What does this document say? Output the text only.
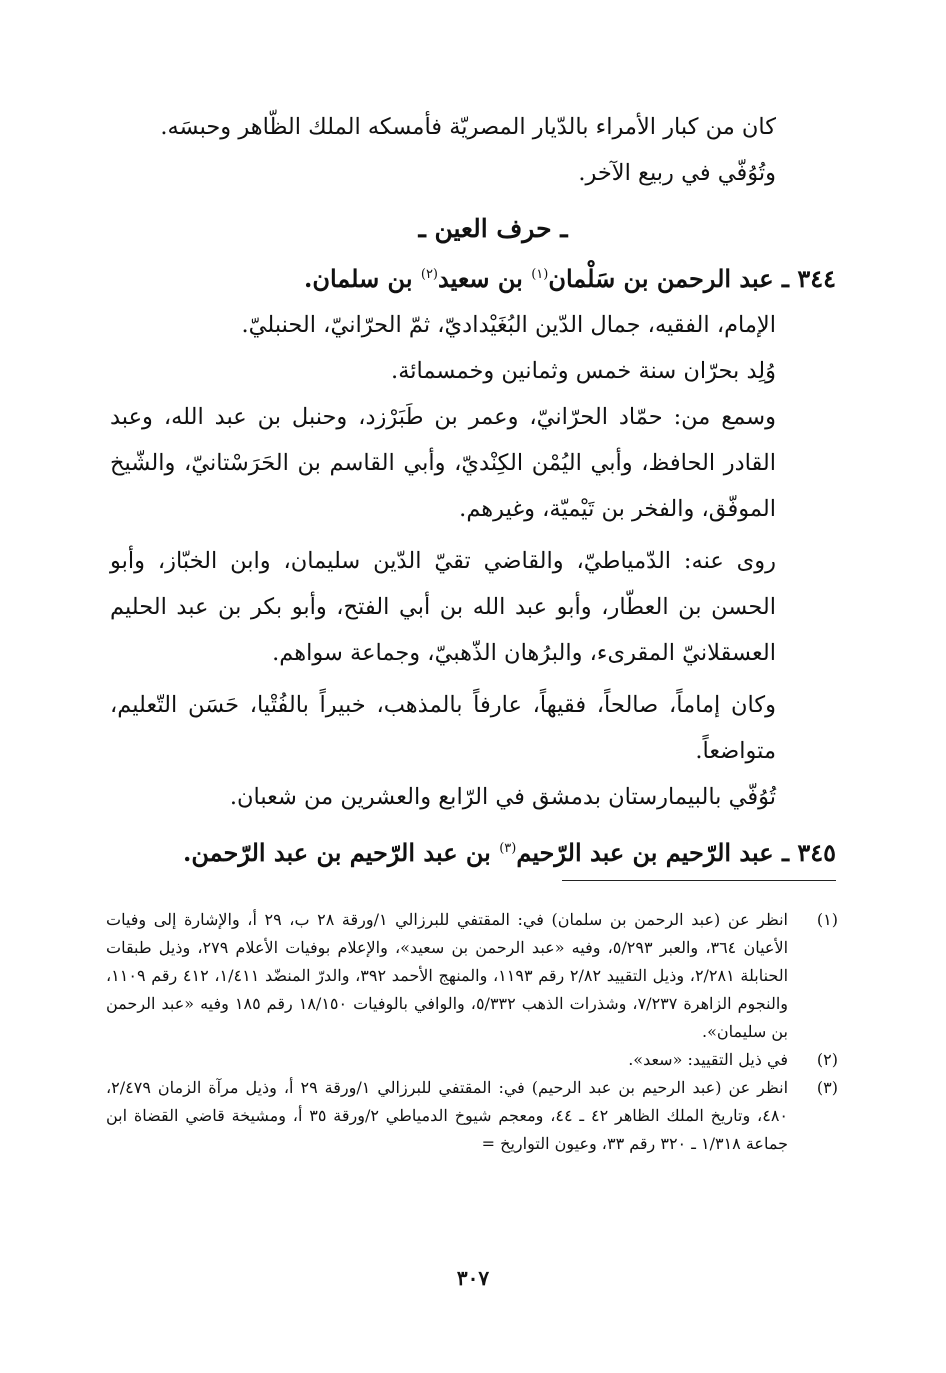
كان من كبار الأمراء بالدّيار المصريّة فأمسكه الملك الظّاهر وحبسَه.

وتُوُفّي في ربيع الآخر.

ـ حرف العين ـ

٣٤٤ ـ عبد الرحمن بن سَلْمان$^{(١)}$ بن سعيد$^{(٢)}$ بن سلمان.

الإمام، الفقيه، جمال الدّين البُغَيْداديّ، ثمّ الحرّانيّ، الحنبليّ.

وُلِد بحرّان سنة خمس وثمانين وخمسمائة.

وسمع من: حمّاد الحرّانيّ، وعمر بن طَبَرْزد، وحنبل بن عبد الله، وعبد القادر الحافظ، وأبي اليُمْن الكِنْديّ، وأبي القاسم بن الحَرَسْتانيّ، والشّيخ الموفّق، والفخر بن تَيْميّة، وغيرهم.

روى عنه: الدّمياطيّ، والقاضي تقيّ الدّين سليمان، وابن الخبّاز، وأبو الحسن بن العطّار، وأبو عبد الله بن أبي الفتح، وأبو بكر بن عبد الحليم العسقلانيّ المقرىء، والبرُهان الذّهبيّ، وجماعة سواهم.

وكان إماماً، صالحاً، فقيهاً، عارفاً بالمذهب، خبيراً بالفُتْيا، حَسَن التّعليم، متواضعاً.

تُوُفّي بالبيمارستان بدمشق في الرّابع والعشرين من شعبان.

٣٤٥ ـ عبد الرّحيم بن عبد الرّحيم$^{(٣)}$ بن عبد الرّحيم بن عبد الرّحمن.

(١)
انظر عن (عبد الرحمن بن سلمان) في: المقتفي للبرزالي ١/ورقة ٢٨ ب، ٢٩ أ، والإشارة إلى وفيات الأعيان ٣٦٤، والعبر ٥/٢٩٣، وفيه «عبد الرحمن بن سعيد»، والإعلام بوفيات الأعلام ٢٧٩، وذيل طبقات الحنابلة ٢/٢٨١، وذيل التقييد ٢/٨٢ رقم ١١٩٣، والمنهج الأحمد ٣٩٢، والدرّ المنضّد ١/٤١١، ٤١٢ رقم ١١٠٩، والنجوم الزاهرة ٧/٢٣٧، وشذرات الذهب ٥/٣٣٢، والوافي بالوفيات ١٨/١٥٠ رقم ١٨٥ وفيه «عبد الرحمن بن سليمان».
(٢)
في ذيل التقييد: «سعد».
(٣)
انظر عن (عبد الرحيم بن عبد الرحيم) في: المقتفي للبرزالي ١/ورقة ٢٩ أ، وذيل مرآة الزمان ٢/٤٧٩، ٤٨٠، وتاريخ الملك الظاهر ٤٢ ـ ٤٤، ومعجم شيوخ الدمياطي ٢/ورقة ٣٥ أ، ومشيخة قاضي القضاة ابن جماعة ١/٣١٨ ـ ٣٢٠ رقم ٣٣، وعيون التواريخ =
٣٠٧
